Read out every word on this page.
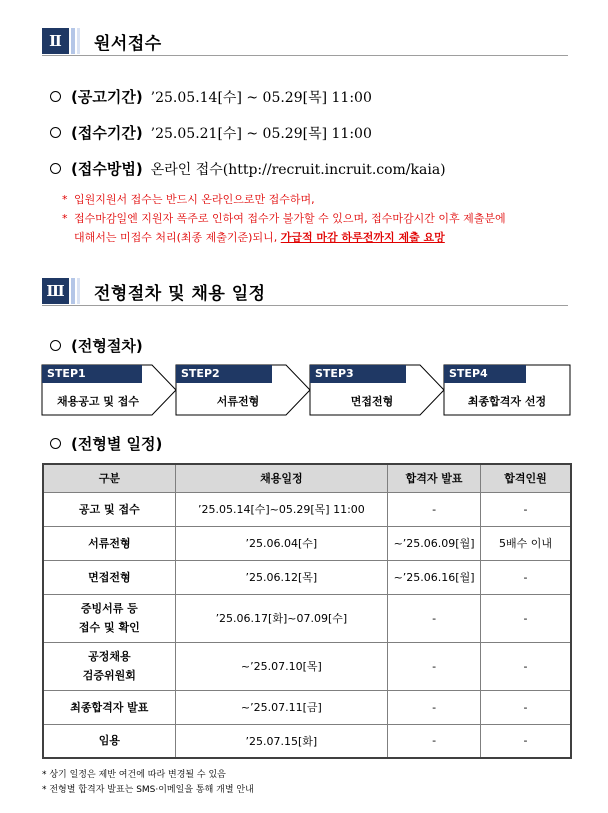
Ⅱ	원서접수
(공고기간) ’25.05.14[수] ~ 05.29[목] 11:00
(접수기간) ’25.05.21[수] ~ 05.29[목] 11:00
(접수방법) 온라인 접수(http://recruit.incruit.com/kaia)
* 입원지원서 접수는 반드시 온라인으로만 접수하며,
* 접수마감일엔 지원자 폭주로 인하여 접수가 불가할 수 있으며, 접수마감시간 이후 제출분에
대해서는 미접수 처리(최종 제출기준)되니, 가급적 마감 하루전까지 제출 요망
Ⅲ 전형절차 및 채용 일정
(전형절차)
STEP1
채용공고 및 접수
STEP2
서류전형
STEP3
면접전형
STEP4
최종합격자 선정
(전형별 일정)
구분	채용일정	합격자 발표	합격인원
공고 및 접수	’25.05.14[수]~05.29[목] 11:00	-	-
서류전형	’25.06.04[수]	~’25.06.09[월]	5배수 이내
면접전형	’25.06.12[목]	~’25.06.16[월]	-

증빙서류 등
접수 및 확인	’25.06.17[화]~07.09[수]	-	-

공정채용
검증위원회	~’25.07.10[목]	-	-
최종합격자 발표	~’25.07.11[금]	-	-
임용	’25.07.15[화]	-	-
* 상기 일정은 제반 여건에 따라 변경될 수 있음
* 전형별 합격자 발표는 SMS·이메일을 통해 개별 안내
